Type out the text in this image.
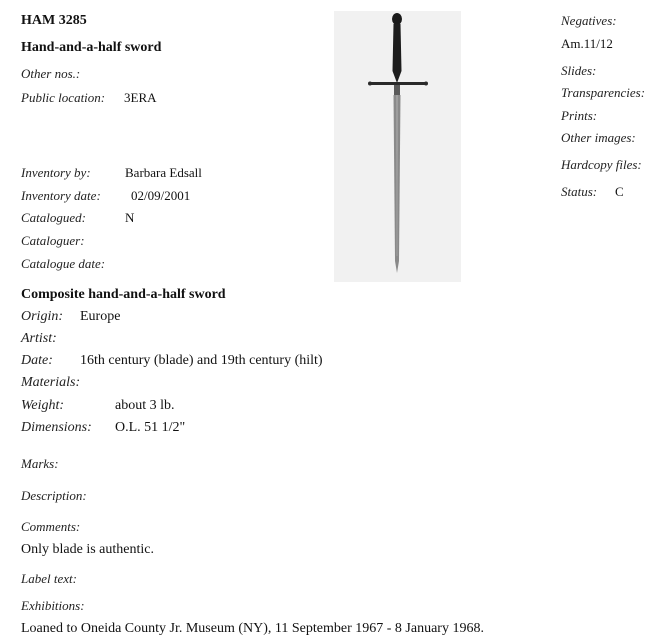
HAM 3285
Hand-and-a-half sword
Other nos.:
Public location: 3ERA
Inventory by:	Barbara Edsall
Inventory date: 02/09/2001
Catalogued:	N
Cataloguer:
Catalogue date:
Negatives:
Am.11/12
Slides:
Transparencies:
Prints:
Other images:
Hardcopy files:
Status: C
Composite hand-and-a-half sword
Origin: Europe
Artist:
Date: 16th century (blade) and 19th century (hilt)
Materials:
Weight:	about 3 lb.
Dimensions: O.L. 51 1/2"
Marks:
Description:
Comments:
Only blade is authentic.
Label text:
Exhibitions:
Loaned to Oneida County Jr. Museum (NY), 11 September 1967 - 8 January 1968.
